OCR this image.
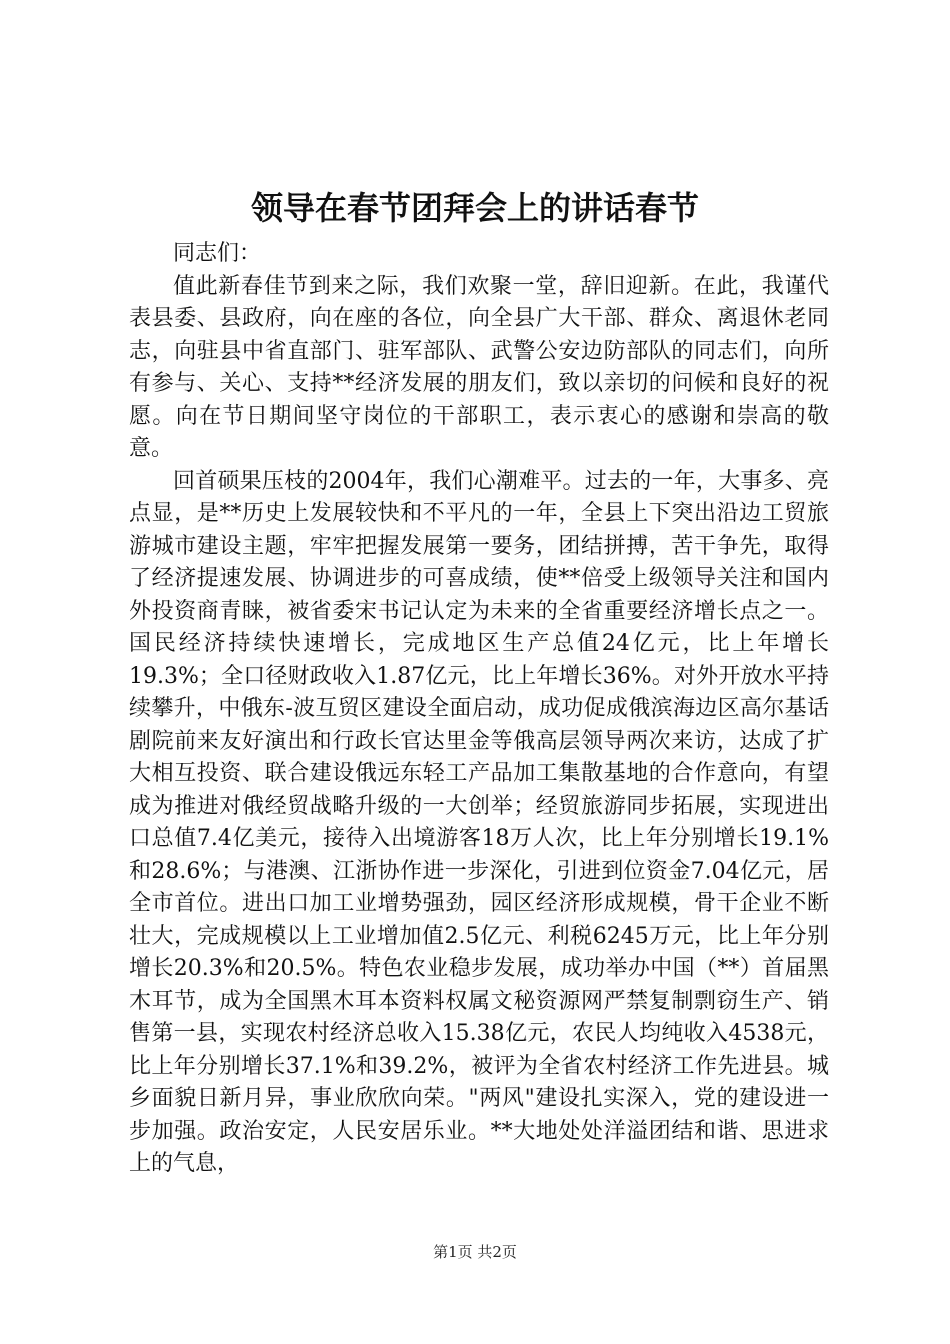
领导在春节团拜会上的讲话春节

同志们：

值此新春佳节到来之际，我们欢聚一堂，辞旧迎新。在此，我谨代表县委、县政府，向在座的各位，向全县广大干部、群众、离退休老同志，向驻县中省直部门、驻军部队、武警公安边防部队的同志们，向所有参与、关心、支持**经济发展的朋友们，致以亲切的问候和良好的祝愿。向在节日期间坚守岗位的干部职工，表示衷心的感谢和崇高的敬意。

回首硕果压枝的2004年，我们心潮难平。过去的一年，大事多、亮点显，是**历史上发展较快和不平凡的一年，全县上下突出沿边工贸旅游城市建设主题，牢牢把握发展第一要务，团结拼搏，苦干争先，取得了经济提速发展、协调进步的可喜成绩，使**倍受上级领导关注和国内外投资商青睐，被省委宋书记认定为未来的全省重要经济增长点之一。国民经济持续快速增长，完成地区生产总值24亿元，比上年增长19.3%；全口径财政收入1.87亿元，比上年增长36%。对外开放水平持续攀升，中俄东-波互贸区建设全面启动，成功促成俄滨海边区高尔基话剧院前来友好演出和行政长官达里金等俄高层领导两次来访，达成了扩大相互投资、联合建设俄远东轻工产品加工集散基地的合作意向，有望成为推进对俄经贸战略升级的一大创举；经贸旅游同步拓展，实现进出口总值7.4亿美元，接待入出境游客18万人次，比上年分别增长19.1%和28.6%；与港澳、江浙协作进一步深化，引进到位资金7.04亿元，居全市首位。进出口加工业增势强劲，园区经济形成规模，骨干企业不断壮大，完成规模以上工业增加值2.5亿元、利税6245万元，比上年分别增长20.3%和20.5%。特色农业稳步发展，成功举办中国（**）首届黑木耳节，成为全国黑木耳本资料权属文秘资源网严禁复制剽窃生产、销售第一县，实现农村经济总收入15.38亿元，农民人均纯收入4538元，比上年分别增长37.1%和39.2%，被评为全省农村经济工作先进县。城乡面貌日新月异，事业欣欣向荣。"两风"建设扎实深入，党的建设进一步加强。政治安定，人民安居乐业。**大地处处洋溢团结和谐、思进求上的气息，

第1页 共2页
